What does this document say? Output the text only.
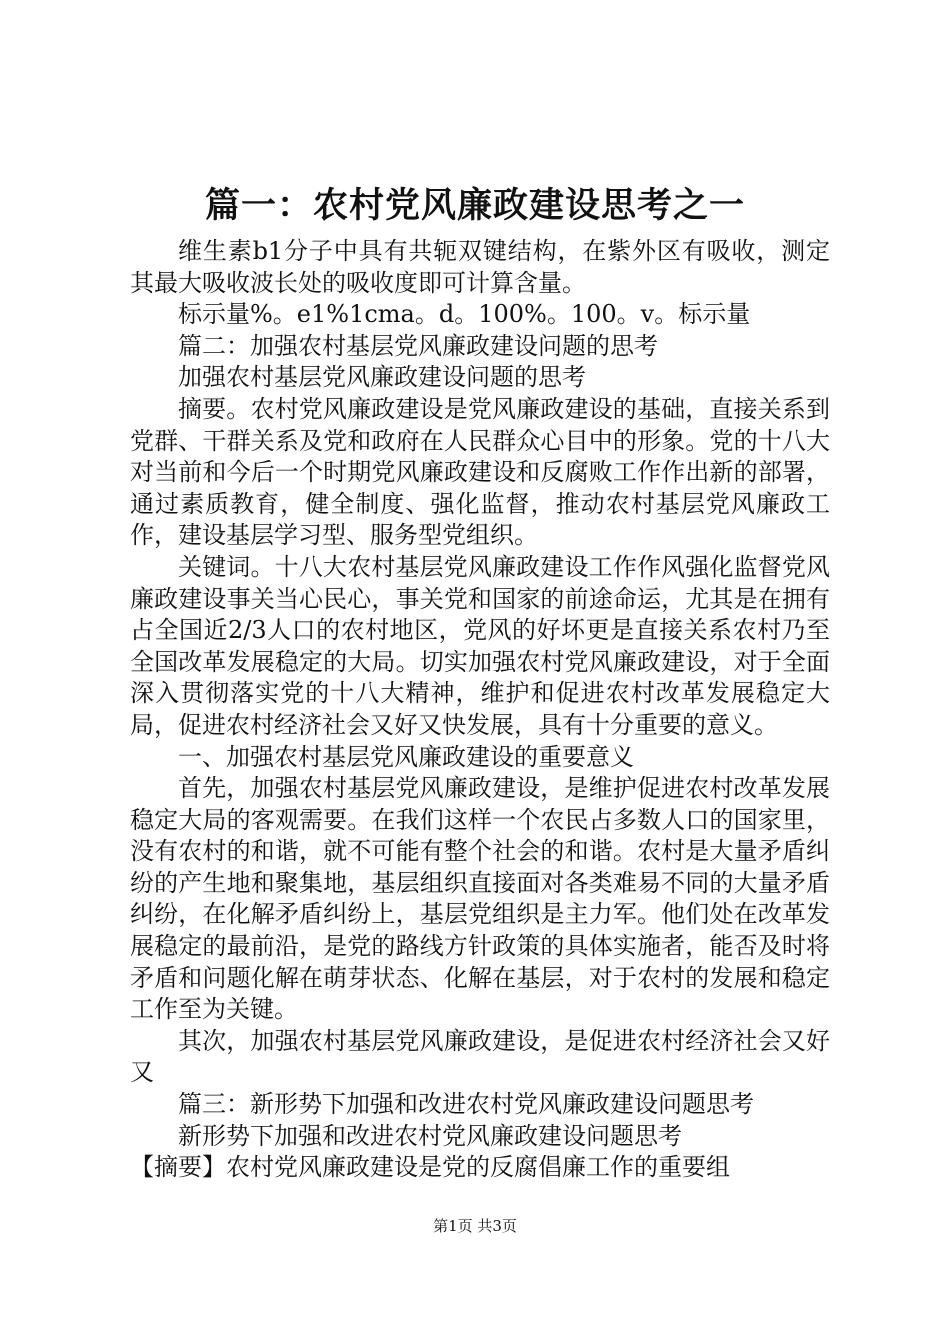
篇一：农村党风廉政建设思考之一

维生素b1分子中具有共轭双键结构，在紫外区有吸收，测定其最大吸收波长处的吸收度即可计算含量。

标示量%。e1%1cma。d。100%。100。v。标示量

篇二：加强农村基层党风廉政建设问题的思考

加强农村基层党风廉政建设问题的思考

摘要。农村党风廉政建设是党风廉政建设的基础，直接关系到党群、干群关系及党和政府在人民群众心目中的形象。党的十八大对当前和今后一个时期党风廉政建设和反腐败工作作出新的部署，通过素质教育，健全制度、强化监督，推动农村基层党风廉政工作，建设基层学习型、服务型党组织。

关键词。十八大农村基层党风廉政建设工作作风强化监督党风廉政建设事关当心民心，事关党和国家的前途命运，尤其是在拥有占全国近2/3人口的农村地区，党风的好坏更是直接关系农村乃至全国改革发展稳定的大局。切实加强农村党风廉政建设，对于全面深入贯彻落实党的十八大精神，维护和促进农村改革发展稳定大局，促进农村经济社会又好又快发展，具有十分重要的意义。

一、加强农村基层党风廉政建设的重要意义

首先，加强农村基层党风廉政建设，是维护促进农村改革发展稳定大局的客观需要。在我们这样一个农民占多数人口的国家里，没有农村的和谐，就不可能有整个社会的和谐。农村是大量矛盾纠纷的产生地和聚集地，基层组织直接面对各类难易不同的大量矛盾纠纷，在化解矛盾纠纷上，基层党组织是主力军。他们处在改革发展稳定的最前沿，是党的路线方针政策的具体实施者，能否及时将矛盾和问题化解在萌芽状态、化解在基层，对于农村的发展和稳定工作至为关键。

其次，加强农村基层党风廉政建设，是促进农村经济社会又好又

篇三：新形势下加强和改进农村党风廉政建设问题思考

新形势下加强和改进农村党风廉政建设问题思考

【摘要】农村党风廉政建设是党的反腐倡廉工作的重要组

第1页 共3页
